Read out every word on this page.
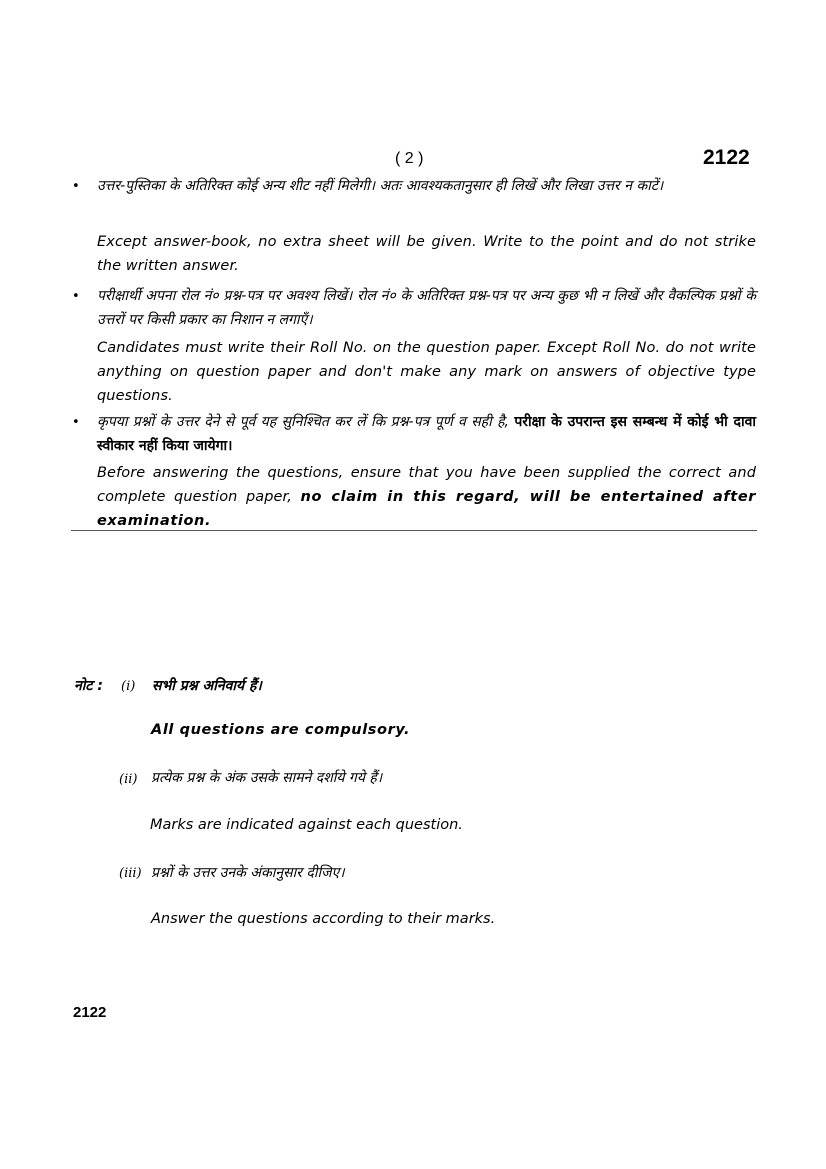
( 2 )	2122
• उत्तर-पुस्तिका के अतिरिक्त कोई अन्य शीट नहीं मिलेगी। अतः आवश्यकतानुसार ही लिखें और लिखा उत्तर न काटें।
Except answer-book, no extra sheet will be given. Write to the point and do not strike the written answer.
• परीक्षार्थी अपना रोल नं० प्रश्न-पत्र पर अवश्य लिखें। रोल नं० के अतिरिक्त प्रश्न-पत्र पर अन्य कुछ भी न लिखें और वैकल्पिक प्रश्नों के उत्तरों पर किसी प्रकार का निशान न लगाएँ।
Candidates must write their Roll No. on the question paper. Except Roll No. do not write anything on question paper and don't make any mark on answers of objective type questions.
• कृपया प्रश्नों के उत्तर देने से पूर्व यह सुनिश्चित कर लें कि प्रश्न-पत्र पूर्ण व सही है, परीक्षा के उपरान्त इस सम्बन्ध में कोई भी दावा स्वीकार नहीं किया जायेगा।
Before answering the questions, ensure that you have been supplied the correct and complete question paper, no claim in this regard, will be entertained after examination.
नोट : (i) सभी प्रश्न अनिवार्य हैं।
All questions are compulsory.
(ii) प्रत्येक प्रश्न के अंक उसके सामने दर्शाये गये हैं।
Marks are indicated against each question.
(iii) प्रश्नों के उत्तर उनके अंकानुसार दीजिए।
Answer the questions according to their marks.
2122
